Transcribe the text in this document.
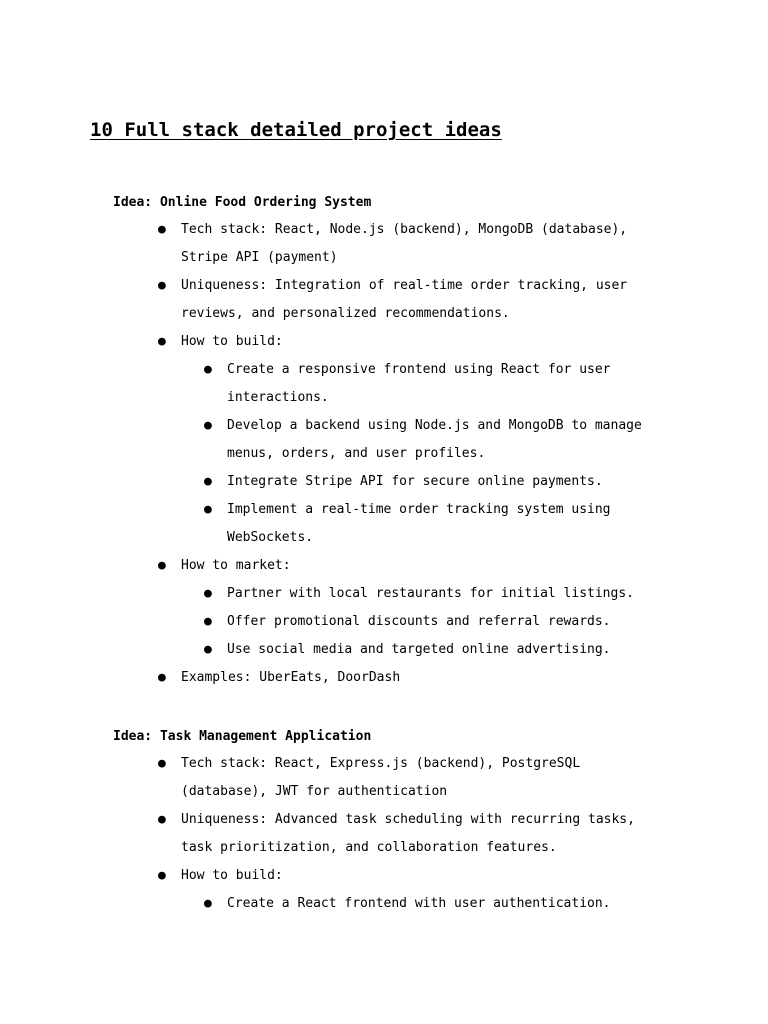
10 Full stack detailed project ideas
Idea: Online Food Ordering System
● Tech stack: React, Node.js (backend), MongoDB (database),
Stripe API (payment)
● Uniqueness: Integration of real-time order tracking, user
reviews, and personalized recommendations.
● How to build:
● Create a responsive frontend using React for user
interactions.
● Develop a backend using Node.js and MongoDB to manage
menus, orders, and user profiles.
● Integrate Stripe API for secure online payments.
● Implement a real-time order tracking system using
WebSockets.
● How to market:
● Partner with local restaurants for initial listings.
● Offer promotional discounts and referral rewards.
● Use social media and targeted online advertising.
● Examples: UberEats, DoorDash
Idea: Task Management Application
● Tech stack: React, Express.js (backend), PostgreSQL
(database), JWT for authentication
● Uniqueness: Advanced task scheduling with recurring tasks,
task prioritization, and collaboration features.
● How to build:
● Create a React frontend with user authentication.
